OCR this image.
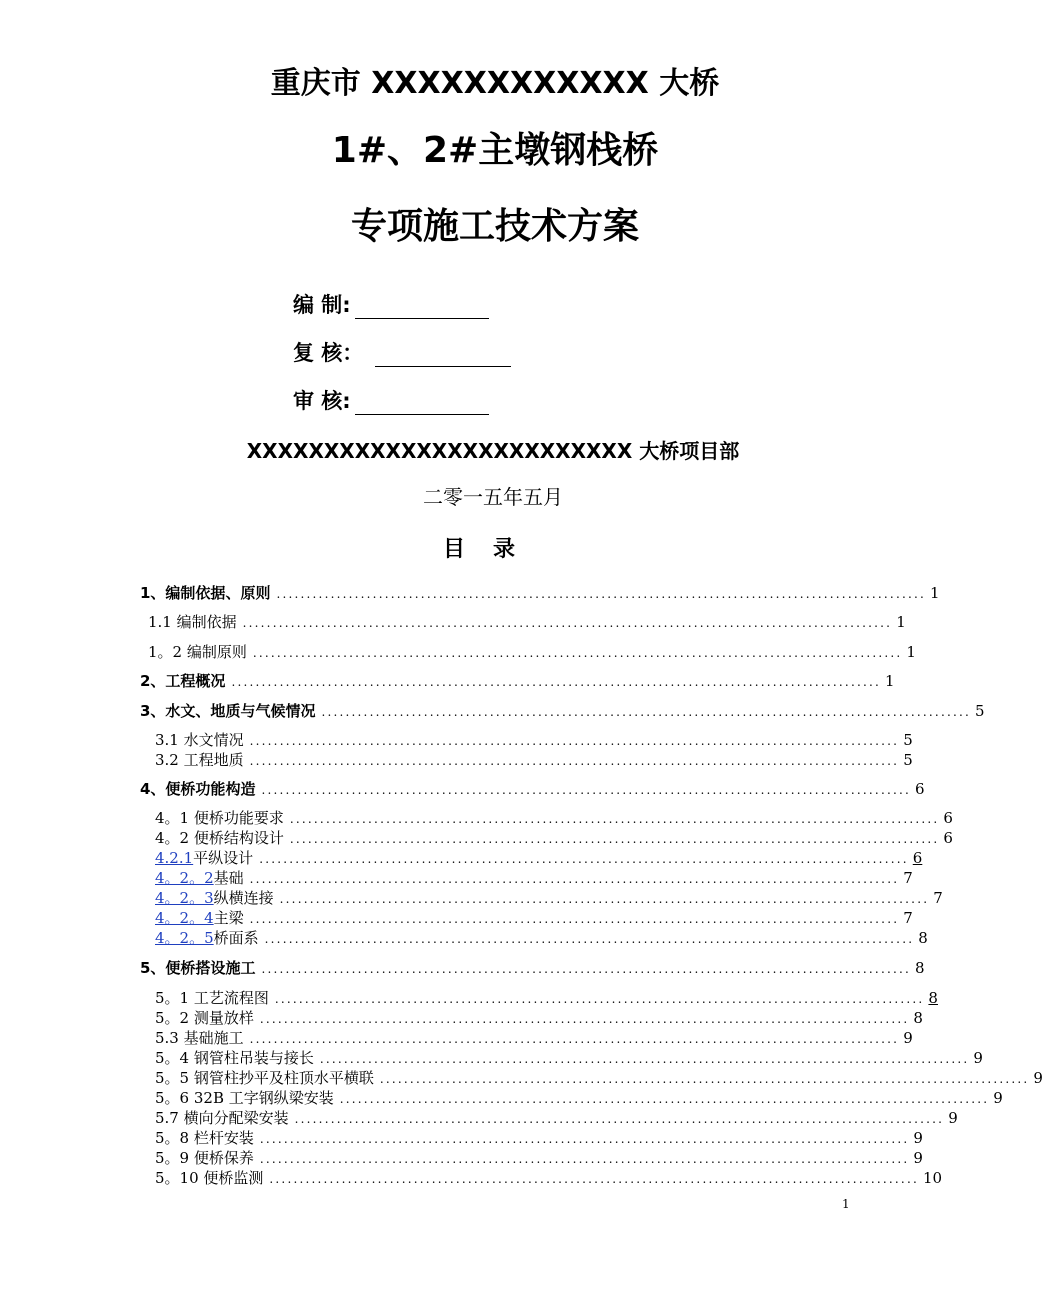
重庆市 XXXXXXXXXXXX 大桥
1#、2#主墩钢栈桥
专项施工技术方案
编 制:
复 核：
审 核:
XXXXXXXXXXXXXXXXXXXXXXXXX 大桥项目部
二零一五年五月
目录
1、编制依据、原则 ............................................................................................................ 1
1.1 编制依据 ............................................................................................................ 1
1。2 编制原则 ............................................................................................................ 1
2、工程概况 ............................................................................................................ 1
3、水文、地质与气候情况 ............................................................................................................ 5
3.1 水文情况 ............................................................................................................ 5
3.2 工程地质 ............................................................................................................ 5
4、便桥功能构造 ............................................................................................................ 6
4。1 便桥功能要求 ............................................................................................................ 6
4。2 便桥结构设计 ............................................................................................................ 6
4.2.1平纵设计 ............................................................................................................ 6
4。2。2基础 ............................................................................................................ 7
4。2。3纵横连接 ............................................................................................................ 7
4。2。4主梁 ............................................................................................................ 7
4。2。5桥面系 ............................................................................................................ 8
5、便桥搭设施工 ............................................................................................................ 8
5。1 工艺流程图 ............................................................................................................ 8
5。2 测量放样 ............................................................................................................ 8
5.3 基础施工 ............................................................................................................ 9
5。4 钢管柱吊装与接长 ............................................................................................................ 9
5。5 钢管柱抄平及柱顶水平横联 ............................................................................................................ 9
5。6 32B 工字钢纵梁安装 ............................................................................................................ 9
5.7 横向分配梁安装 ............................................................................................................ 9
5。8 栏杆安装 ............................................................................................................ 9
5。9 便桥保养 ............................................................................................................ 9
5。10 便桥监测 ............................................................................................................ 10
1
